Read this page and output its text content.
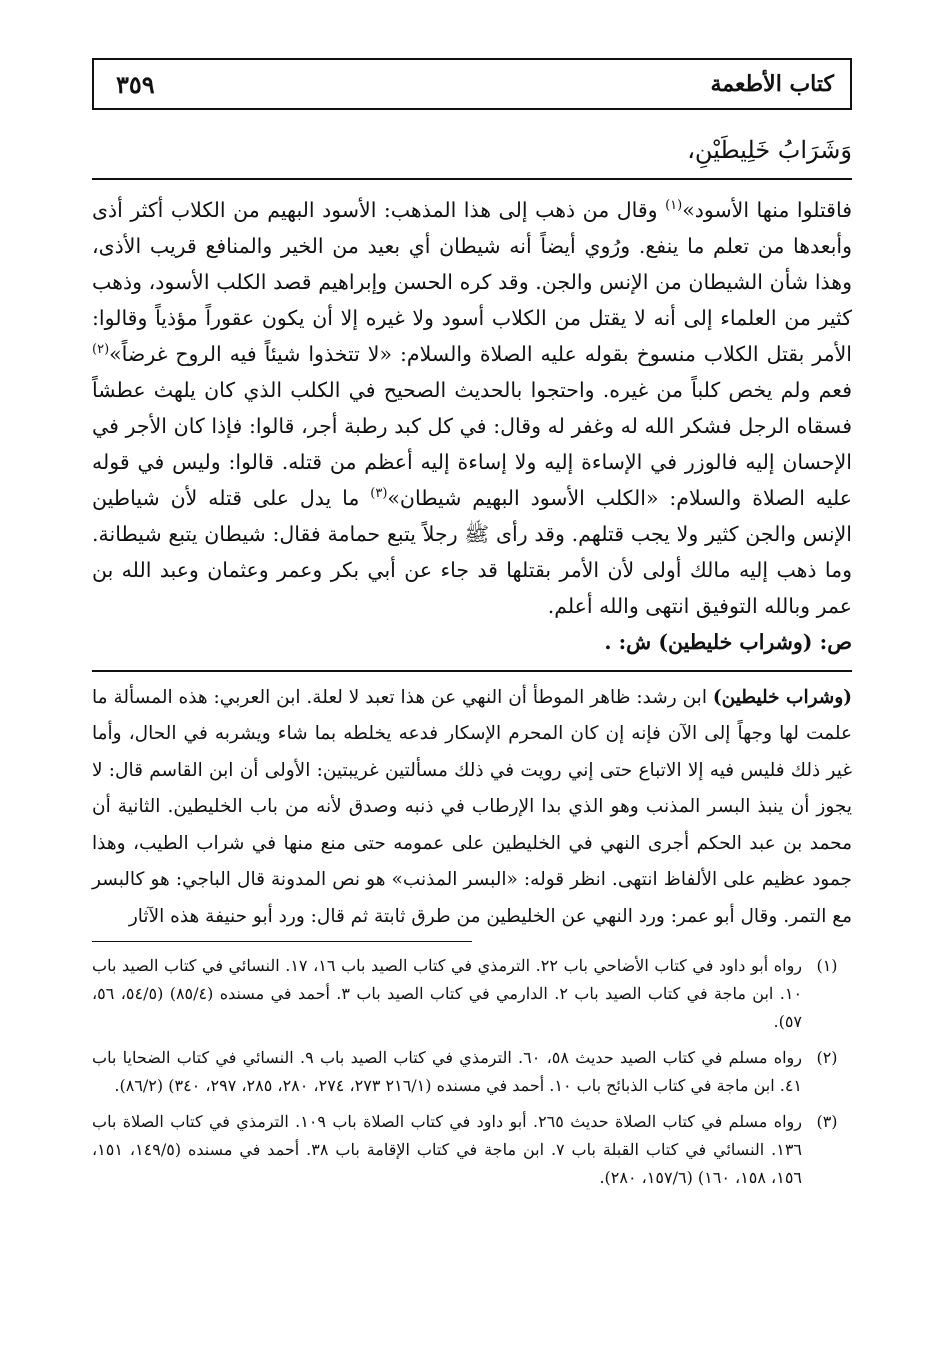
كتاب الأطعمة
٣٥٩
وَشَرَابُ خَلِيطَيْنِ،

فاقتلوا منها الأسود»$^{(١)}$ وقال من ذهب إلى هذا المذهب: الأسود البهيم من الكلاب أكثر أذى وأبعدها من تعلم ما ينفع. ورُوي أيضاً أنه شيطان أي بعيد من الخير والمنافع قريب الأذى، وهذا شأن الشيطان من الإنس والجن. وقد كره الحسن وإبراهيم قصد الكلب الأسود، وذهب كثير من العلماء إلى أنه لا يقتل من الكلاب أسود ولا غيره إلا أن يكون عقوراً مؤذياً وقالوا: الأمر بقتل الكلاب منسوخ بقوله عليه الصلاة والسلام: «لا تتخذوا شيئاً فيه الروح غرضاً»$^{(٢)}$ فعم ولم يخص كلباً من غيره. واحتجوا بالحديث الصحيح في الكلب الذي كان يلهث عطشاً فسقاه الرجل فشكر الله له وغفر له وقال: في كل كبد رطبة أجر، قالوا: فإذا كان الأجر في الإحسان إليه فالوزر في الإساءة إليه ولا إساءة إليه أعظم من قتله. قالوا: وليس في قوله عليه الصلاة والسلام: «الكلب الأسود البهيم شيطان»$^{(٣)}$ ما يدل على قتله لأن شياطين الإنس والجن كثير ولا يجب قتلهم. وقد رأى ﷺ رجلاً يتبع حمامة فقال: شيطان يتبع شيطانة. وما ذهب إليه مالك أولى لأن الأمر بقتلها قد جاء عن أبي بكر وعمر وعثمان وعبد الله بن عمر وبالله التوفيق انتهى والله أعلم.

ص: (وشراب خليطين) ش: .

(وشراب خليطين) ابن رشد: ظاهر الموطأ أن النهي عن هذا تعبد لا لعلة. ابن العربي: هذه المسألة ما علمت لها وجهاً إلى الآن فإنه إن كان المحرم الإسكار فدعه يخلطه بما شاء ويشربه في الحال، وأما غير ذلك فليس فيه إلا الاتباع حتى إني رويت في ذلك مسألتين غريبتين: الأولى أن ابن القاسم قال: لا يجوز أن ينبذ البسر المذنب وهو الذي بدا الإرطاب في ذنبه وصدق لأنه من باب الخليطين. الثانية أن محمد بن عبد الحكم أجرى النهي في الخليطين على عمومه حتى منع منها في شراب الطيب، وهذا جمود عظيم على الألفاظ انتهى. انظر قوله: «البسر المذنب» هو نص المدونة قال الباجي: هو كالبسر مع التمر. وقال أبو عمر: ورد النهي عن الخليطين من طرق ثابتة ثم قال: ورد أبو حنيفة هذه الآثار
(١)
رواه أبو داود في كتاب الأضاحي باب ٢٢. الترمذي في كتاب الصيد باب ١٦، ١٧. النسائي في كتاب الصيد باب ١٠. ابن ماجة في كتاب الصيد باب ٢. الدارمي في كتاب الصيد باب ٣. أحمد في مسنده (٨٥/٤) (٥٤/٥، ٥٦، ٥٧).
(٢)
رواه مسلم في كتاب الصيد حديث ٥٨، ٦٠. الترمذي في كتاب الصيد باب ٩. النسائي في كتاب الضحايا باب ٤١. ابن ماجة في كتاب الذبائح باب ١٠. أحمد في مسنده (٢١٦/١ ٢٧٣، ٢٧٤، ٢٨٠، ٢٨٥، ٢٩٧، ٣٤٠) (٨٦/٢).
(٣)
رواه مسلم في كتاب الصلاة حديث ٢٦٥. أبو داود في كتاب الصلاة باب ١٠٩. الترمذي في كتاب الصلاة باب ١٣٦. النسائي في كتاب القبلة باب ٧. ابن ماجة في كتاب الإقامة باب ٣٨. أحمد في مسنده (١٤٩/٥، ١٥١، ١٥٦، ١٥٨، ١٦٠) (١٥٧/٦، ٢٨٠).
